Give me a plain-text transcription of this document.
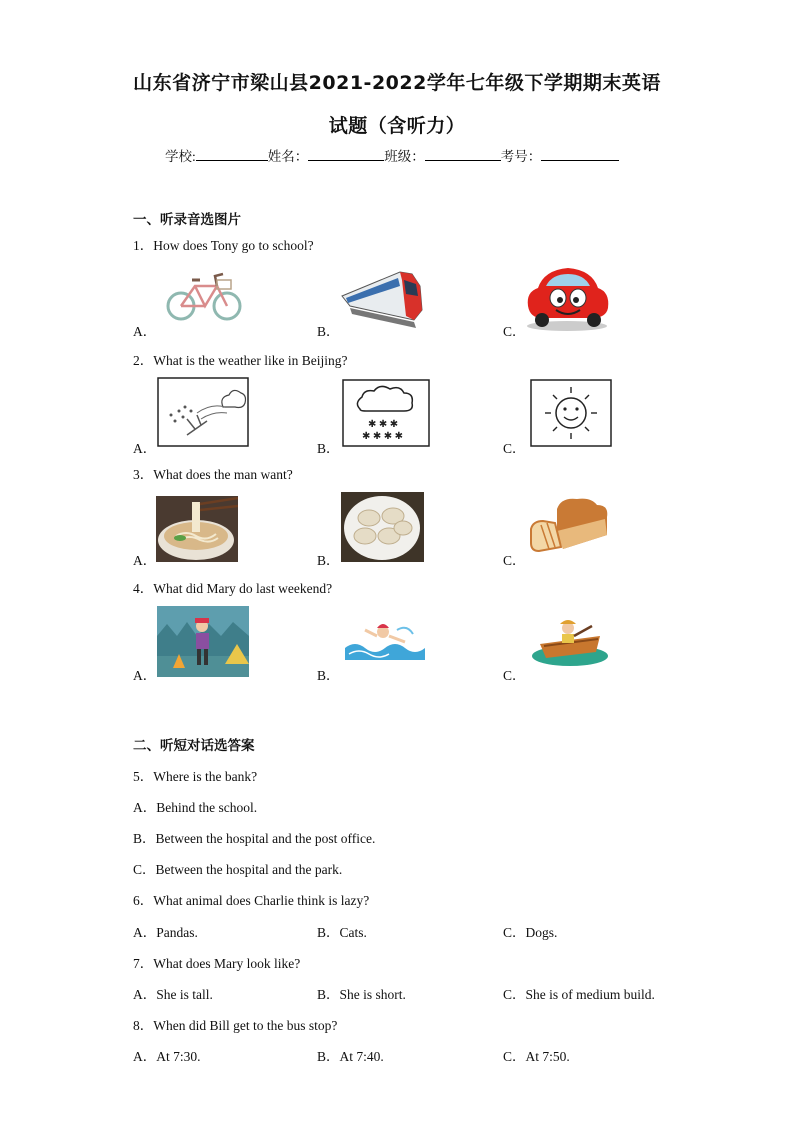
山东省济宁市梁山县2021-2022学年七年级下学期期末英语
试题（含听力）
学校:	姓名：	班级：	考号：
一、听录音选图片
1．How does Tony go to school?
A．	B．	C．
2．What is the weather like in Beijing?
A．	B．	C．
✱ ✱ ✱
✱ ✱ ✱ ✱
3．What does the man want?
A．	B．	C．
4．What did Mary do last weekend?
A．	B．	C．
二、听短对话选答案
5．Where is the bank?
A．Behind the school.
B．Between the hospital and the post office.
C．Between the hospital and the park.
6．What animal does Charlie think is lazy?
A．Pandas.	B．Cats.	C．Dogs.
7．What does Mary look like?
A．She is tall.	B．She is short.	C．She is of medium build.
8．When did Bill get to the bus stop?
A．At 7:30.	B．At 7:40.	C．At 7:50.
